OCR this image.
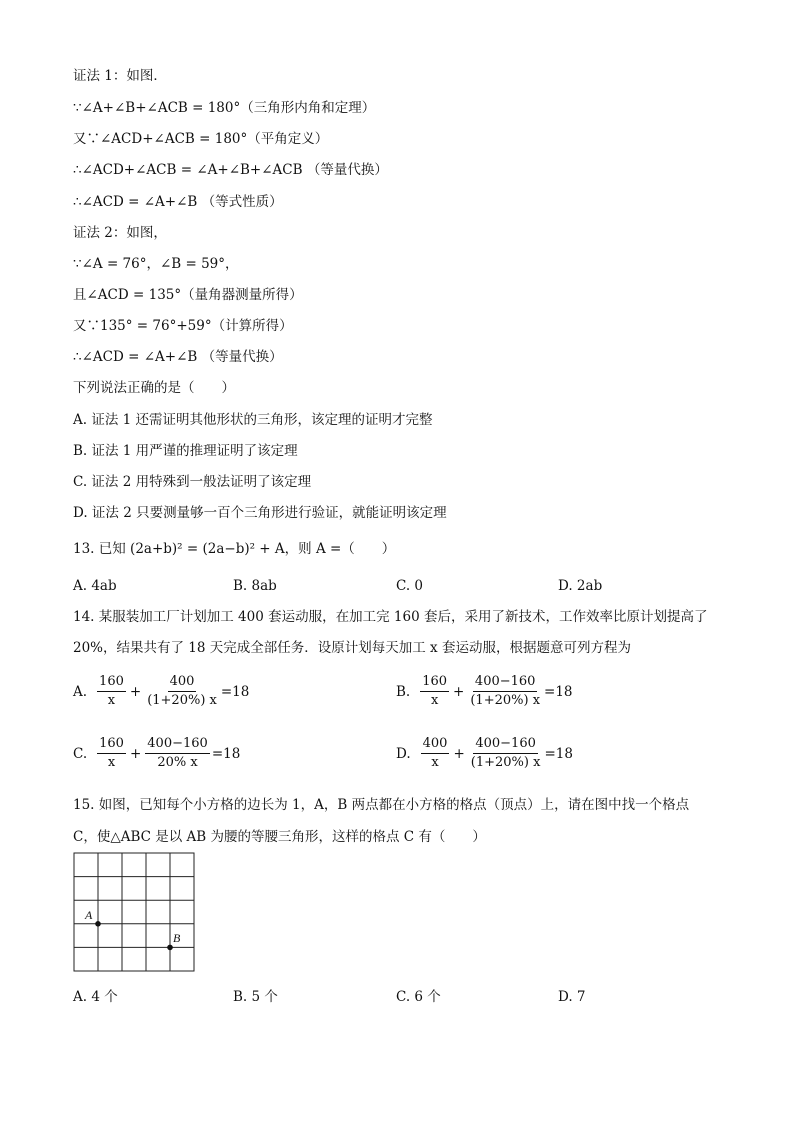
证法 1：如图．
∵∠A+∠B+∠ACB = 180°（三角形内角和定理）
又∵∠ACD+∠ACB = 180°（平角定义）
∴∠ACD+∠ACB = ∠A+∠B+∠ACB （等量代换）
∴∠ACD = ∠A+∠B （等式性质）
证法 2：如图，
∵∠A = 76°，∠B = 59°，
且∠ACD = 135°（量角器测量所得）
又∵135° = 76°+59°（计算所得）
∴∠ACD = ∠A+∠B （等量代换）
下列说法正确的是（　　）
A. 证法 1 还需证明其他形状的三角形，该定理的证明才完整
B. 证法 1 用严谨的推理证明了该定理
C. 证法 2 用特殊到一般法证明了该定理
D. 证法 2 只要测量够一百个三角形进行验证，就能证明该定理
13. 已知 (2a+b)² = (2a−b)² + A，则 A =（　　）
A. 4ab	B. 8ab	C. 0	D. 2ab
14. 某服装加工厂计划加工 400 套运动服，在加工完 160 套后，采用了新技术，工作效率比原计划提高了
20%，结果共有了 18 天完成全部任务．设原计划每天加工 x 套运动服，根据题意可列方程为
A. $\frac{160}{x} + \frac{400}{(1+20\%) x} =18$	B. $\frac{160}{x} + \frac{400-160}{(1+20\%) x} =18$
C. $\frac{160}{x} + \frac{400-160}{20\% x} =18$	D. $\frac{400}{x} + \frac{400-160}{(1+20\%) x} =18$
15. 如图，已知每个小方格的边长为 1，A，B 两点都在小方格的格点（顶点）上，请在图中找一个格点
C，使△ABC 是以 AB 为腰的等腰三角形，这样的格点 C 有（　　）
A
B
A. 4 个	B. 5 个	C. 6 个	D. 7
